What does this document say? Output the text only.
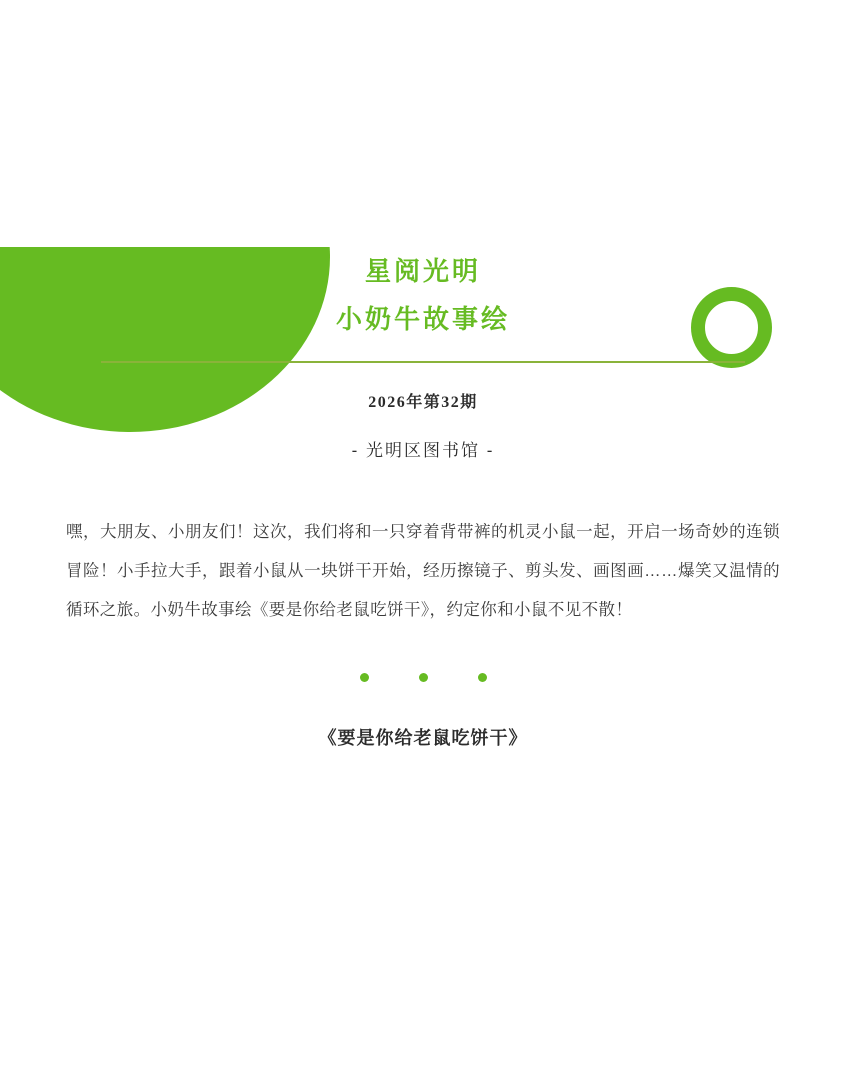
星阅光明
小奶牛故事绘
2026年第32期
- 光明区图书馆 -

嘿，大朋友、小朋友们！这次，我们将和一只穿着背带裤的机灵小鼠一起，开启一场奇妙的连锁冒险！小手拉大手，跟着小鼠从一块饼干开始，经历擦镜子、剪头发、画图画……爆笑又温情的循环之旅。小奶牛故事绘《要是你给老鼠吃饼干》，约定你和小鼠不见不散！

《要是你给老鼠吃饼干》
